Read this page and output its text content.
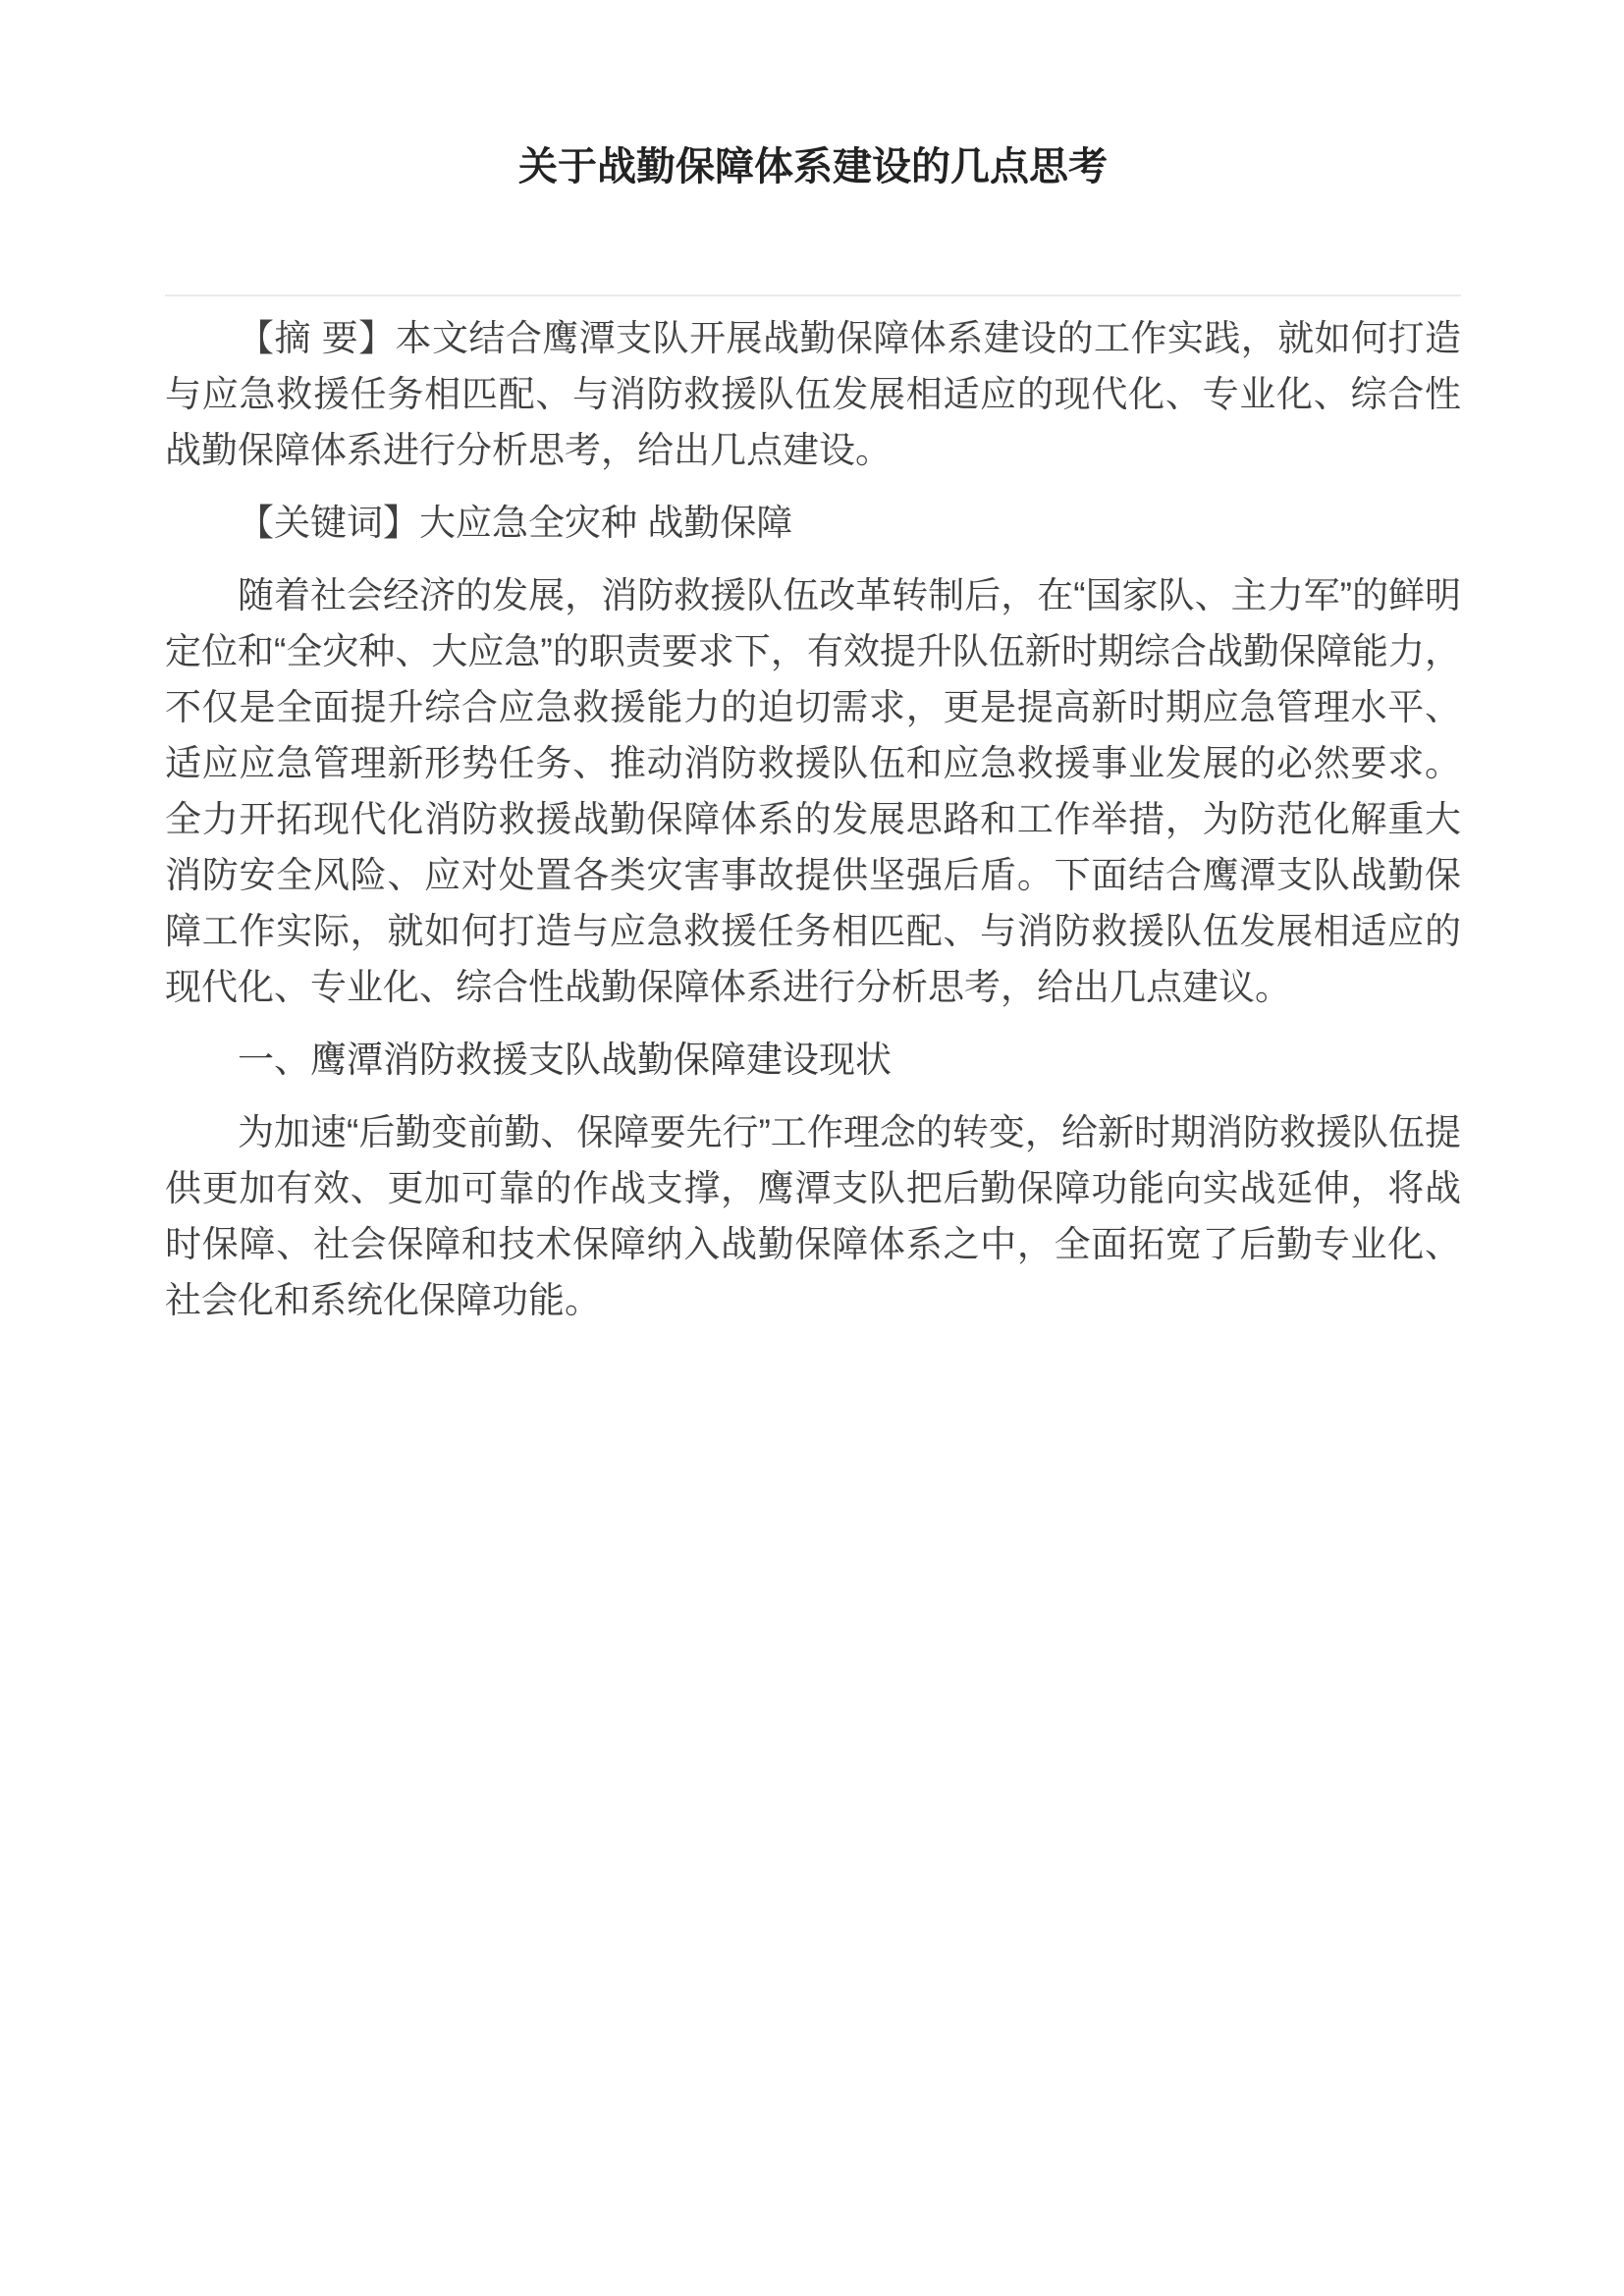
关于战勤保障体系建设的几点思考

【摘 要】本文结合鹰潭支队开展战勤保障体系建设的工作实践，就如何打造与应急救援任务相匹配、与消防救援队伍发展相适应的现代化、专业化、综合性战勤保障体系进行分析思考，给出几点建设。

【关键词】大应急全灾种 战勤保障

随着社会经济的发展，消防救援队伍改革转制后，在“国家队、主力军”的鲜明定位和“全灾种、大应急”的职责要求下，有效提升队伍新时期综合战勤保障能力，不仅是全面提升综合应急救援能力的迫切需求，更是提高新时期应急管理水平、适应应急管理新形势任务、推动消防救援队伍和应急救援事业发展的必然要求。全力开拓现代化消防救援战勤保障体系的发展思路和工作举措，为防范化解重大消防安全风险、应对处置各类灾害事故提供坚强后盾。下面结合鹰潭支队战勤保障工作实际，就如何打造与应急救援任务相匹配、与消防救援队伍发展相适应的现代化、专业化、综合性战勤保障体系进行分析思考，给出几点建议。

一、鹰潭消防救援支队战勤保障建设现状

为加速“后勤变前勤、保障要先行”工作理念的转变，给新时期消防救援队伍提供更加有效、更加可靠的作战支撑，鹰潭支队把后勤保障功能向实战延伸，将战时保障、社会保障和技术保障纳入战勤保障体系之中，全面拓宽了后勤专业化、社会化和系统化保障功能。
